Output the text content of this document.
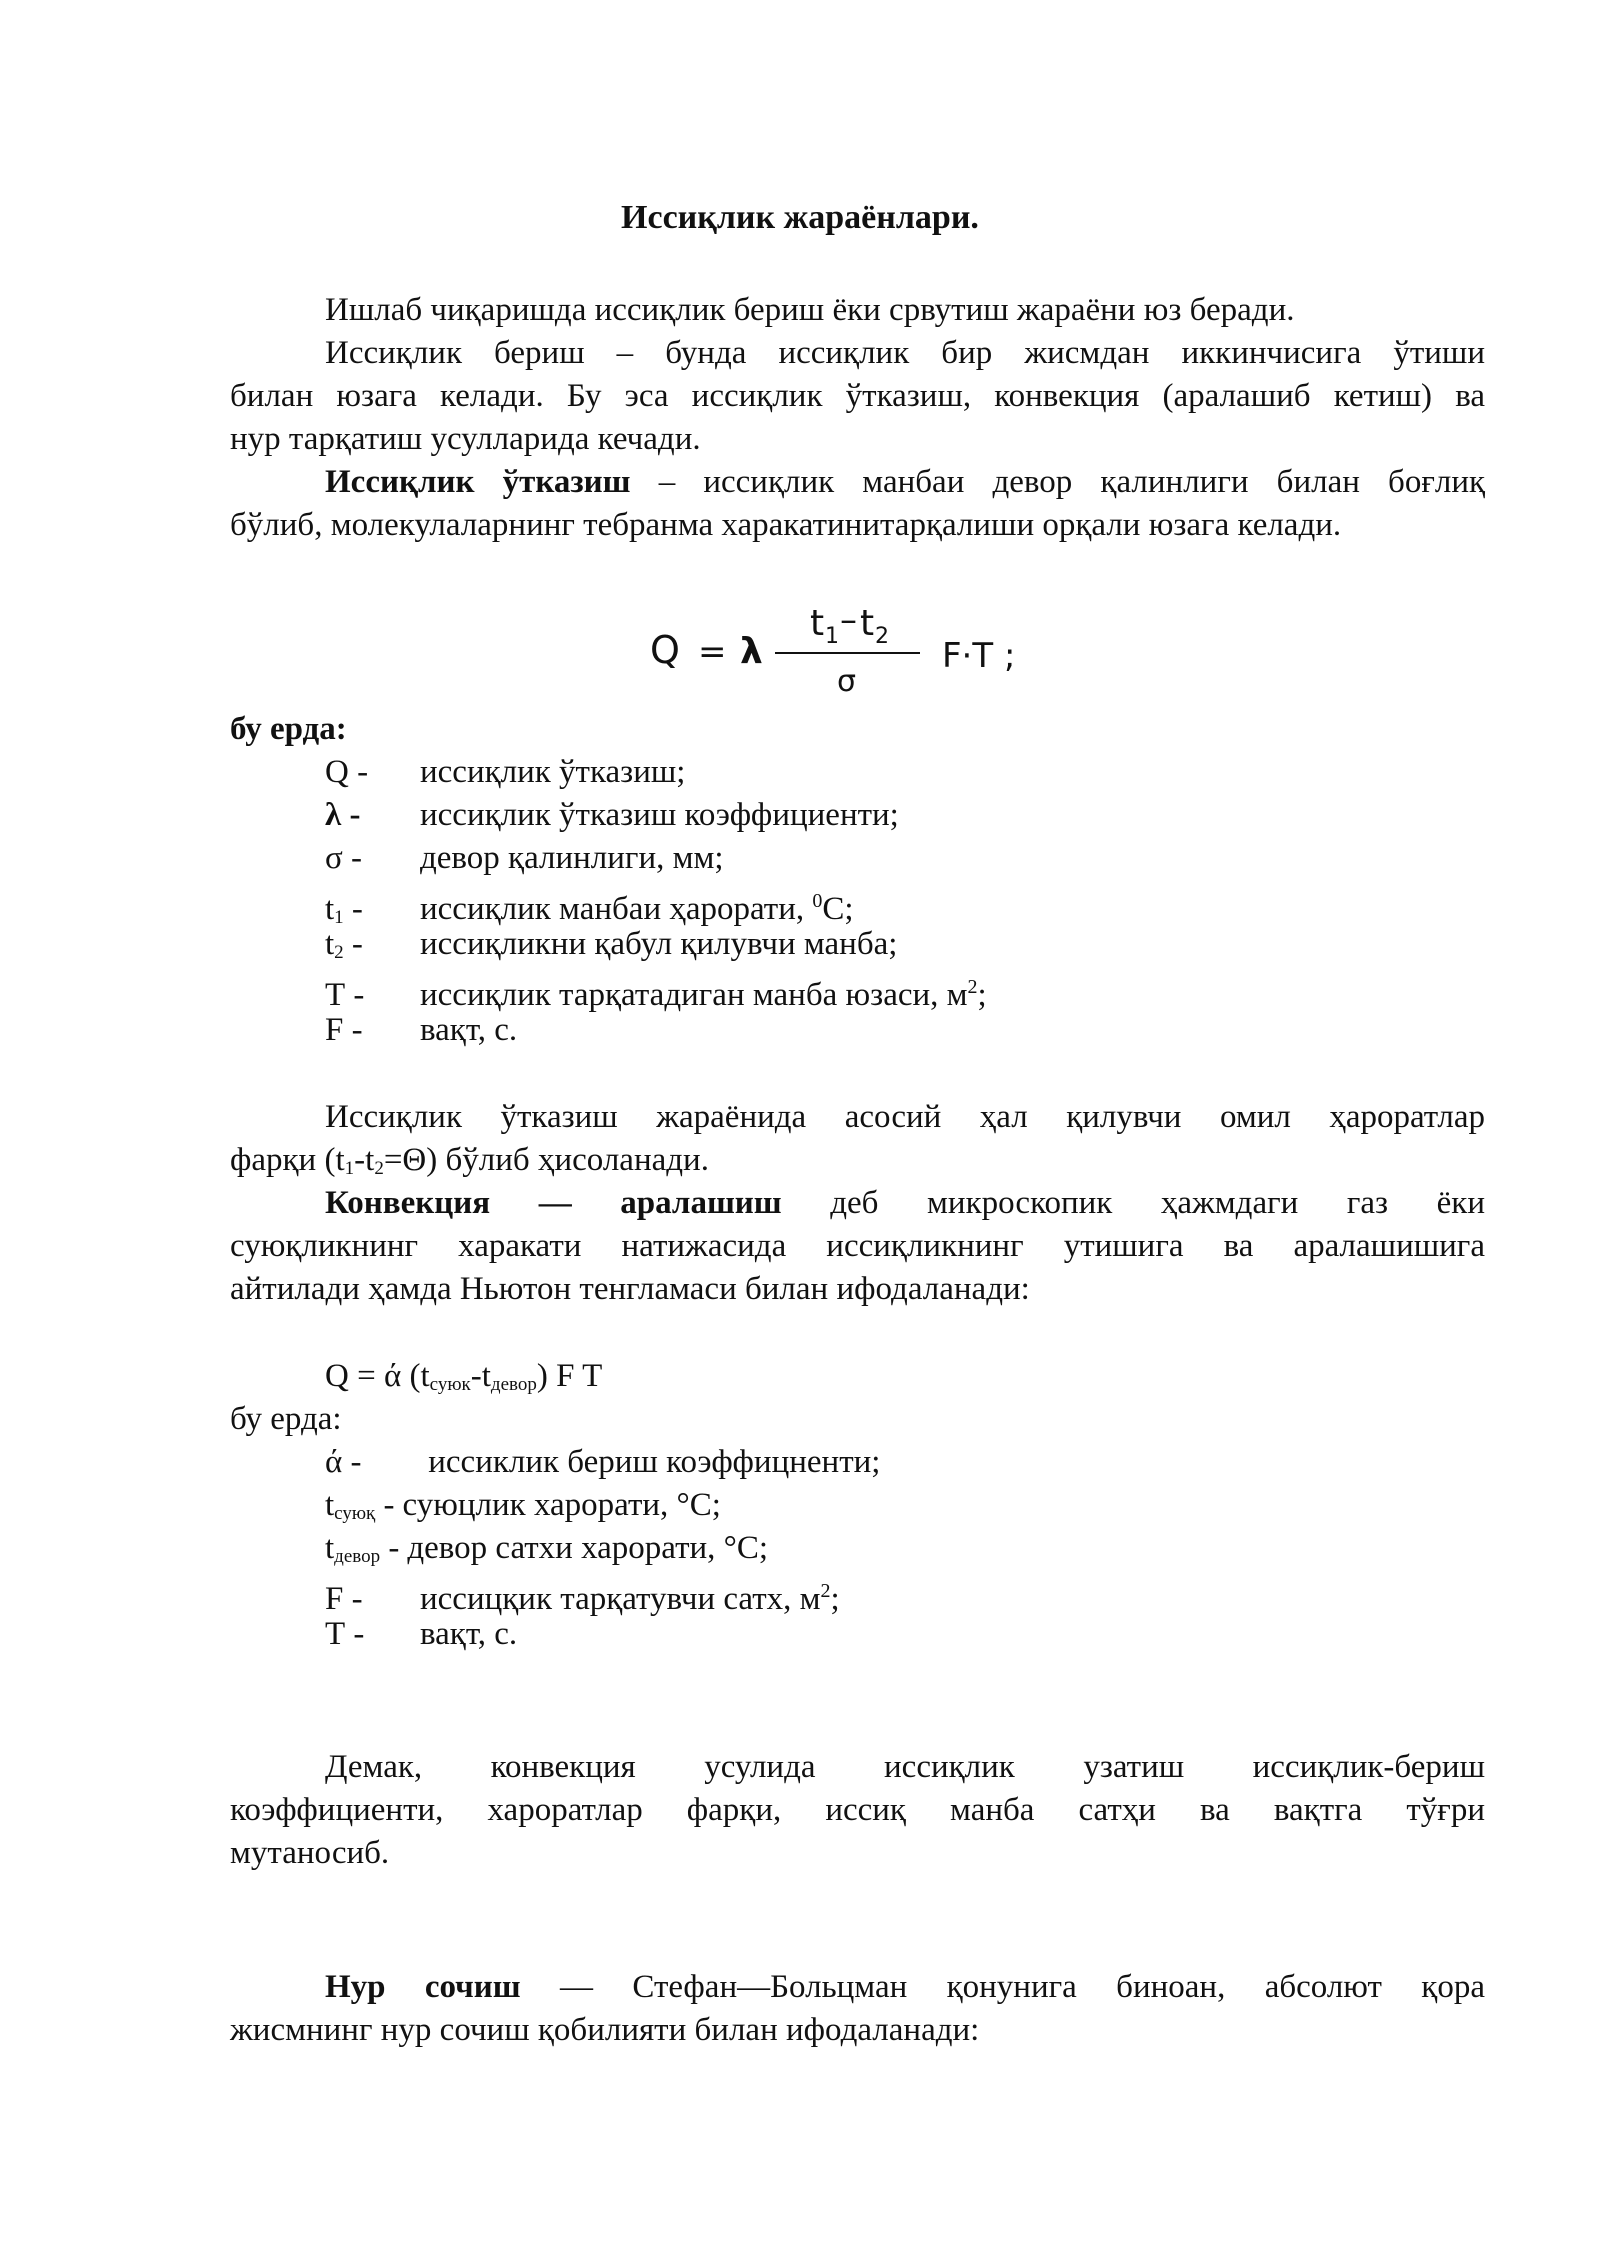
Иссиқлик жараёнлари.
Ишлаб чиқаришда иссиқлик бериш ёки срвутиш жараёни юз беради.
Иссиқлик бериш – бунда иссиқлик бир жисмдан иккинчисига ўтиши
билан юзага келади. Бу эса иссиқлик ўтказиш, конвекция (аралашиб кетиш) ва
нур тарқатиш усулларида кечади.
Иссиқлик ўтказиш – иссиқлик манбаи девор қалинлиги билан боғлиқ
бўлиб, молекулаларнинг тебранма харакатинитарқалиши орқали юзага келади.
Q = λ
t 1 – t 2
σ
F·T ;
бу ерда:
Q - иссиқлик ўтказиш;
λ - иссиқлик ўтказиш коэффициенти;
σ - девор қалинлиги, мм;
$t_1$ - иссиқлик манбаи ҳарорати, $^0$С;
$t_2$ - иссиқликни қабул қилувчи манба;
Т - иссиқлик тарқатадиган манба юзаси, $м^2$;
F - вақт, с.
Иссиқлик ўтказиш жараёнида асосий ҳал қилувчи омил ҳароратлар
фарқи $(t_1-t_2=\Theta)$ бўлиб ҳисоланади.
Конвекция — аралашиш деб микроскопик ҳажмдаги газ ёки
суюқликнинг харакати натижасида иссиқликнинг утишига ва аралашишига
айтилади ҳамда Ньютон тенгламаси билан ифодаланади:
Q = ά $(t_{суюк}-t_{девор})$ F T
бу ерда:
ά - иссиклик бериш коэффицненти;
$t_{суюқ}$ - суюцлик харорати, °С;
$t_{девор}$ - девор сатхи харорати, °С;
F - иссицқик тарқатувчи сатх, $м^2$;
Т - вақт, с.
Демак, конвекция усулида иссиқлик узатиш иссиқлик-бериш
коэффициенти, хароратлар фарқи, иссиқ манба сатҳи ва вақтга тўғри
мутаносиб.
Нур сочиш — Стефан—Больцман қонунига биноан, абсолют қора
жисмнинг нур сочиш қобилияти билан ифодаланади:
